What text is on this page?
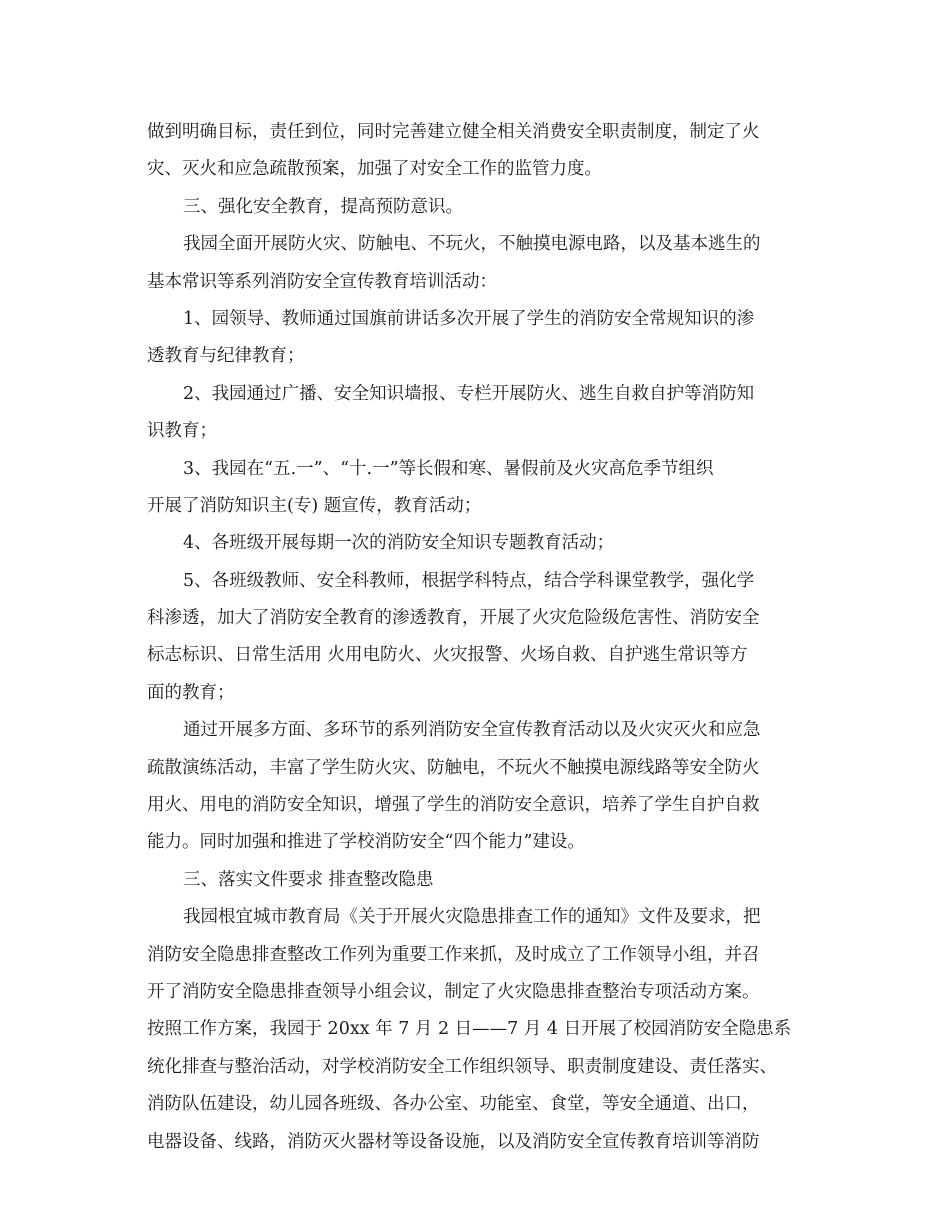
做到明确目标，责任到位，同时完善建立健全相关消费安全职责制度，制定了火
灾、灭火和应急疏散预案，加强了对安全工作的监管力度。
三、强化安全教育，提高预防意识。
我园全面开展防火灾、防触电、不玩火，不触摸电源电路，以及基本逃生的
基本常识等系列消防安全宣传教育培训活动：
1、园领导、教师通过国旗前讲话多次开展了学生的消防安全常规知识的渗
透教育与纪律教育；
2、我园通过广播、安全知识墙报、专栏开展防火、逃生自救自护等消防知
识教育；
3、我园在“五.一”、“十.一”等长假和寒、暑假前及火灾高危季节组织
开展了消防知识主(专) 题宣传，教育活动；
4、各班级开展每期一次的消防安全知识专题教育活动；
5、各班级教师、安全科教师，根据学科特点，结合学科课堂教学，强化学
科渗透，加大了消防安全教育的渗透教育，开展了火灾危险级危害性、消防安全
标志标识、日常生活用 火用电防火、火灾报警、火场自救、自护逃生常识等方
面的教育；
通过开展多方面、多环节的系列消防安全宣传教育活动以及火灾灭火和应急
疏散演练活动，丰富了学生防火灾、防触电，不玩火不触摸电源线路等安全防火
用火、用电的消防安全知识，增强了学生的消防安全意识，培养了学生自护自救
能力。同时加强和推进了学校消防安全“四个能力”建设。
三、落实文件要求 排查整改隐患
我园根宜城市教育局《关于开展火灾隐患排查工作的通知》文件及要求，把
消防安全隐患排查整改工作列为重要工作来抓，及时成立了工作领导小组，并召
开了消防安全隐患排查领导小组会议，制定了火灾隐患排查整治专项活动方案。
按照工作方案，我园于 20xx 年 7 月 2 日——7 月 4 日开展了校园消防安全隐患系
统化排查与整治活动，对学校消防安全工作组织领导、职责制度建设、责任落实、
消防队伍建设，幼儿园各班级、各办公室、功能室、食堂，等安全通道、出口，
电器设备、线路，消防灭火器材等设备设施，以及消防安全宣传教育培训等消防
